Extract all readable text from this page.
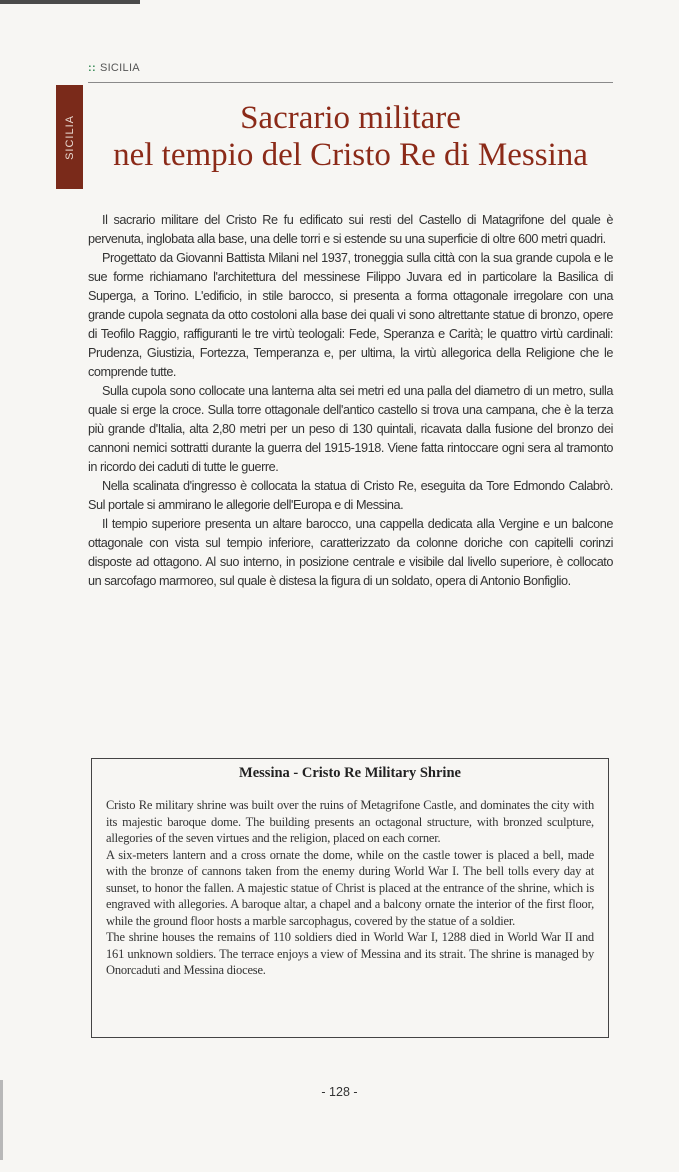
:: SICILIA
SICILIA	Sacrario militare
nel tempio del Cristo Re di Messina

Il sacrario militare del Cristo Re fu edificato sui resti del Castello di Matagrifone del quale è pervenuta, inglobata alla base, una delle torri e si estende su una superficie di oltre 600 metri quadri.

Progettato da Giovanni Battista Milani nel 1937, troneggia sulla città con la sua grande cupola e le sue forme richiamano l'architettura del messinese Filippo Juvara ed in particolare la Basilica di Superga, a Torino. L'edificio, in stile barocco, si presenta a forma ottagonale irregolare con una grande cupola segnata da otto costoloni alla base dei quali vi sono altrettante statue di bronzo, opere di Teofilo Raggio, raffiguranti le tre virtù teologali: Fede, Speranza e Carità; le quattro virtù cardinali: Prudenza, Giustizia, Fortezza, Temperanza e, per ultima, la virtù allegorica della Religione che le comprende tutte.

Sulla cupola sono collocate una lanterna alta sei metri ed una palla del diametro di un metro, sulla quale si erge la croce. Sulla torre ottagonale dell'antico castello si trova una campana, che è la terza più grande d'Italia, alta 2,80 metri per un peso di 130 quintali, ricavata dalla fusione del bronzo dei cannoni nemici sottratti durante la guerra del 1915-1918. Viene fatta rintoccare ogni sera al tramonto in ricordo dei caduti di tutte le guerre.

Nella scalinata d'ingresso è collocata la statua di Cristo Re, eseguita da Tore Edmondo Calabrò. Sul portale si ammirano le allegorie dell'Europa e di Messina.

Il tempio superiore presenta un altare barocco, una cappella dedicata alla Vergine e un balcone ottagonale con vista sul tempio inferiore, caratterizzato da colonne doriche con capitelli corinzi disposte ad ottagono. Al suo interno, in posizione centrale e visibile dal livello superiore, è collocato un sarcofago marmoreo, sul quale è distesa la figura di un soldato, opera di Antonio Bonfiglio.

Messina - Cristo Re Military Shrine

Cristo Re military shrine was built over the ruins of Metagrifone Castle, and dominates the city with its majestic baroque dome. The building presents an octagonal structure, with bronzed sculpture, allegories of the seven virtues and the religion, placed on each corner.

A six-meters lantern and a cross ornate the dome, while on the castle tower is placed a bell, made with the bronze of cannons taken from the enemy during World War I. The bell tolls every day at sunset, to honor the fallen. A majestic statue of Christ is placed at the entrance of the shrine, which is engraved with allegories. A baroque altar, a chapel and a balcony ornate the interior of the first floor, while the ground floor hosts a marble sarcophagus, covered by the statue of a soldier.

The shrine houses the remains of 110 soldiers died in World War I, 1288 died in World War II and 161 unknown soldiers. The terrace enjoys a view of Messina and its strait. The shrine is managed by Onorcaduti and Messina diocese.

- 128 -
